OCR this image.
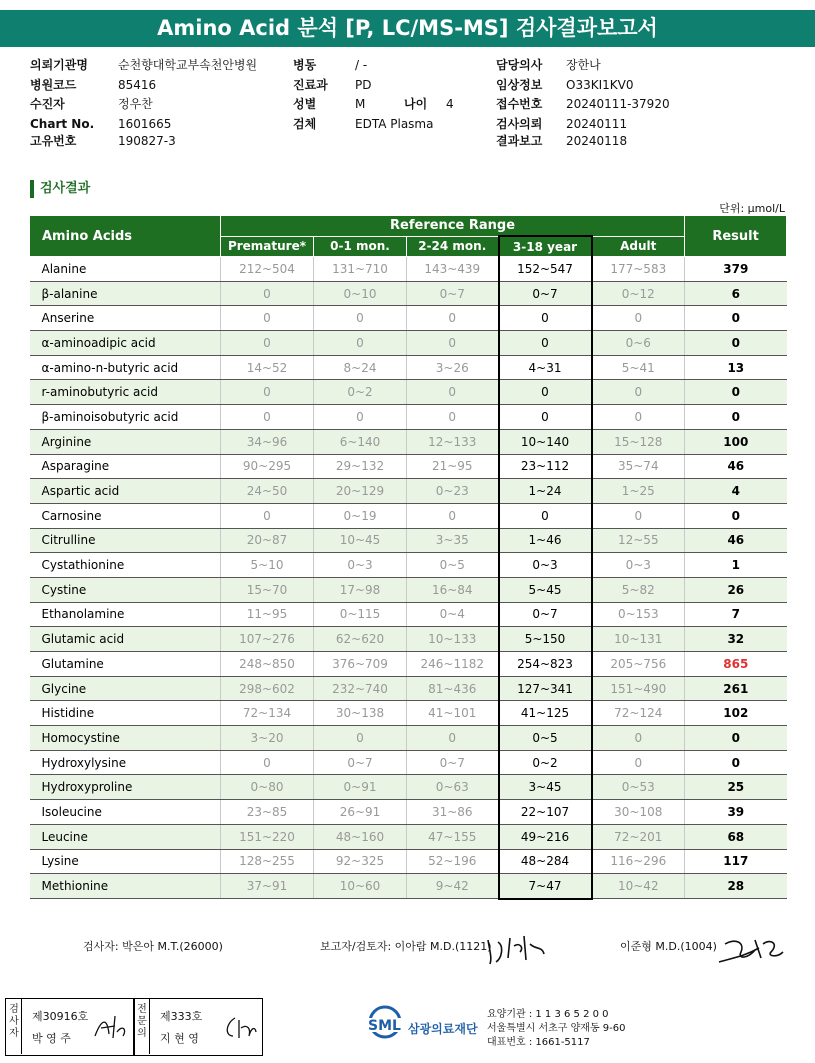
Amino Acid 분석 [P, LC/MS-MS] 검사결과보고서
의뢰기관명	순천향대학교부속천안병원
병원코드	85416
수진자	정우찬
Chart No. 1601665
고유번호	190827-3
병동	/ -
진료과 PD
성별	M	나이 4
검체	EDTA Plasma
담당의사 장한나
임상정보 O33KI1KV0
접수번호 20240111-37920
검사의뢰 20240111
결과보고 20240118
검사결과
단위: µmol/L
Amino Acids	Reference Range					Result
	Premature*	0-1 mon.	2-24 mon.	3-18 year	Adult	
Alanine	212~504	131~710	143~439	152~547	177~583	379
β-alanine	0	0~10	0~7	0~7	0~12	6
Anserine	0	0	0	0	0	0
α-aminoadipic acid	0	0	0	0	0~6	0
α-amino-n-butyric acid	14~52	8~24	3~26	4~31	5~41	13
r-aminobutyric acid	0	0~2	0	0	0	0
β-aminoisobutyric acid	0	0	0	0	0	0
Arginine	34~96	6~140	12~133	10~140	15~128	100
Asparagine	90~295	29~132	21~95	23~112	35~74	46
Aspartic acid	24~50	20~129	0~23	1~24	1~25	4
Carnosine	0	0~19	0	0	0	0
Citrulline	20~87	10~45	3~35	1~46	12~55	46
Cystathionine	5~10	0~3	0~5	0~3	0~3	1
Cystine	15~70	17~98	16~84	5~45	5~82	26
Ethanolamine	11~95	0~115	0~4	0~7	0~153	7
Glutamic acid	107~276	62~620	10~133	5~150	10~131	32
Glutamine	248~850	376~709	246~1182	254~823	205~756	865
Glycine	298~602	232~740	81~436	127~341	151~490	261
Histidine	72~134	30~138	41~101	41~125	72~124	102
Homocystine	3~20	0	0	0~5	0	0
Hydroxylysine	0	0~7	0~7	0~2	0	0
Hydroxyproline	0~80	0~91	0~63	3~45	0~53	25
Isoleucine	23~85	26~91	31~86	22~107	30~108	39
Leucine	151~220	48~160	47~155	49~216	72~201	68
Lysine	128~255	92~325	52~196	48~284	116~296	117
Methionine	37~91	10~60	9~42	7~47	10~42	28
검사자: 박은아 M.T.(26000)	보고자/검토자: 이아람 M.D.(1121)	이준형 M.D.(1004)
검사자
제30916호
박 영 주
전문의
제333호
지 현 영
SML 삼광의료재단
요양기관 : 1 1 3 6 5 2 0 0
서울특별시 서초구 양재동 9-60
대표번호 : 1661-5117
